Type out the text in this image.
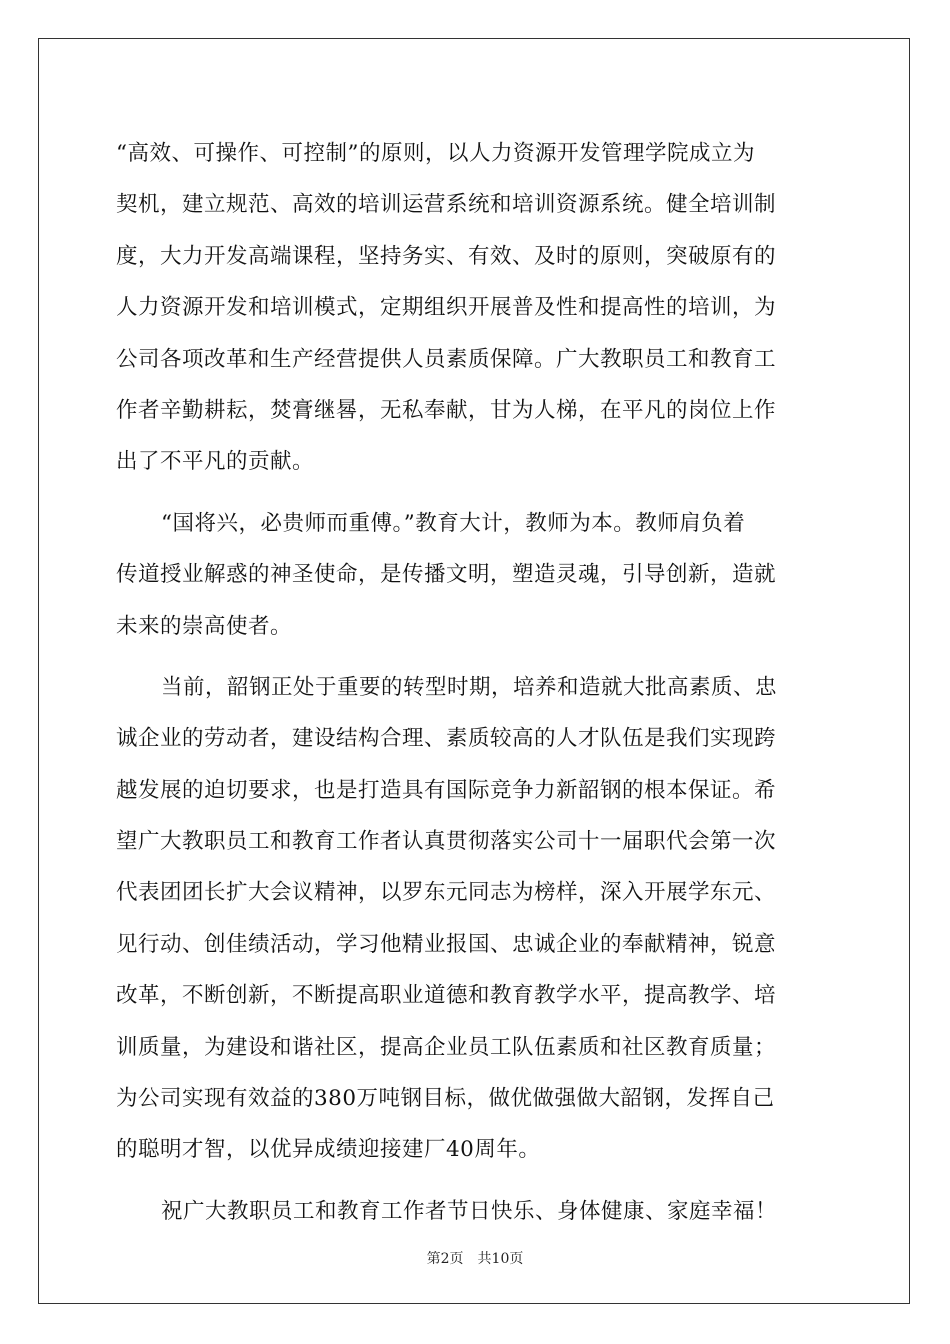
“高效、可操作、可控制”的原则，以人力资源开发管理学院成立为
契机，建立规范、高效的培训运营系统和培训资源系统。健全培训制
度，大力开发高端课程，坚持务实、有效、及时的原则，突破原有的
人力资源开发和培训模式，定期组织开展普及性和提高性的培训，为
公司各项改革和生产经营提供人员素质保障。广大教职员工和教育工
作者辛勤耕耘，焚膏继晷，无私奉献，甘为人梯，在平凡的岗位上作
出了不平凡的贡献。
“国将兴，必贵师而重傅。”教育大计，教师为本。教师肩负着
传道授业解惑的神圣使命，是传播文明，塑造灵魂，引导创新，造就
未来的崇高使者。
当前，韶钢正处于重要的转型时期，培养和造就大批高素质、忠
诚企业的劳动者，建设结构合理、素质较高的人才队伍是我们实现跨
越发展的迫切要求，也是打造具有国际竞争力新韶钢的根本保证。希
望广大教职员工和教育工作者认真贯彻落实公司十一届职代会第一次
代表团团长扩大会议精神，以罗东元同志为榜样，深入开展学东元、
见行动、创佳绩活动，学习他精业报国、忠诚企业的奉献精神，锐意
改革，不断创新，不断提高职业道德和教育教学水平，提高教学、培
训质量，为建设和谐社区，提高企业员工队伍素质和社区教育质量；
为公司实现有效益的380万吨钢目标，做优做强做大韶钢，发挥自己
的聪明才智，以优异成绩迎接建厂40周年。
祝广大教职员工和教育工作者节日快乐、身体健康、家庭幸福！
第2页 共10页
